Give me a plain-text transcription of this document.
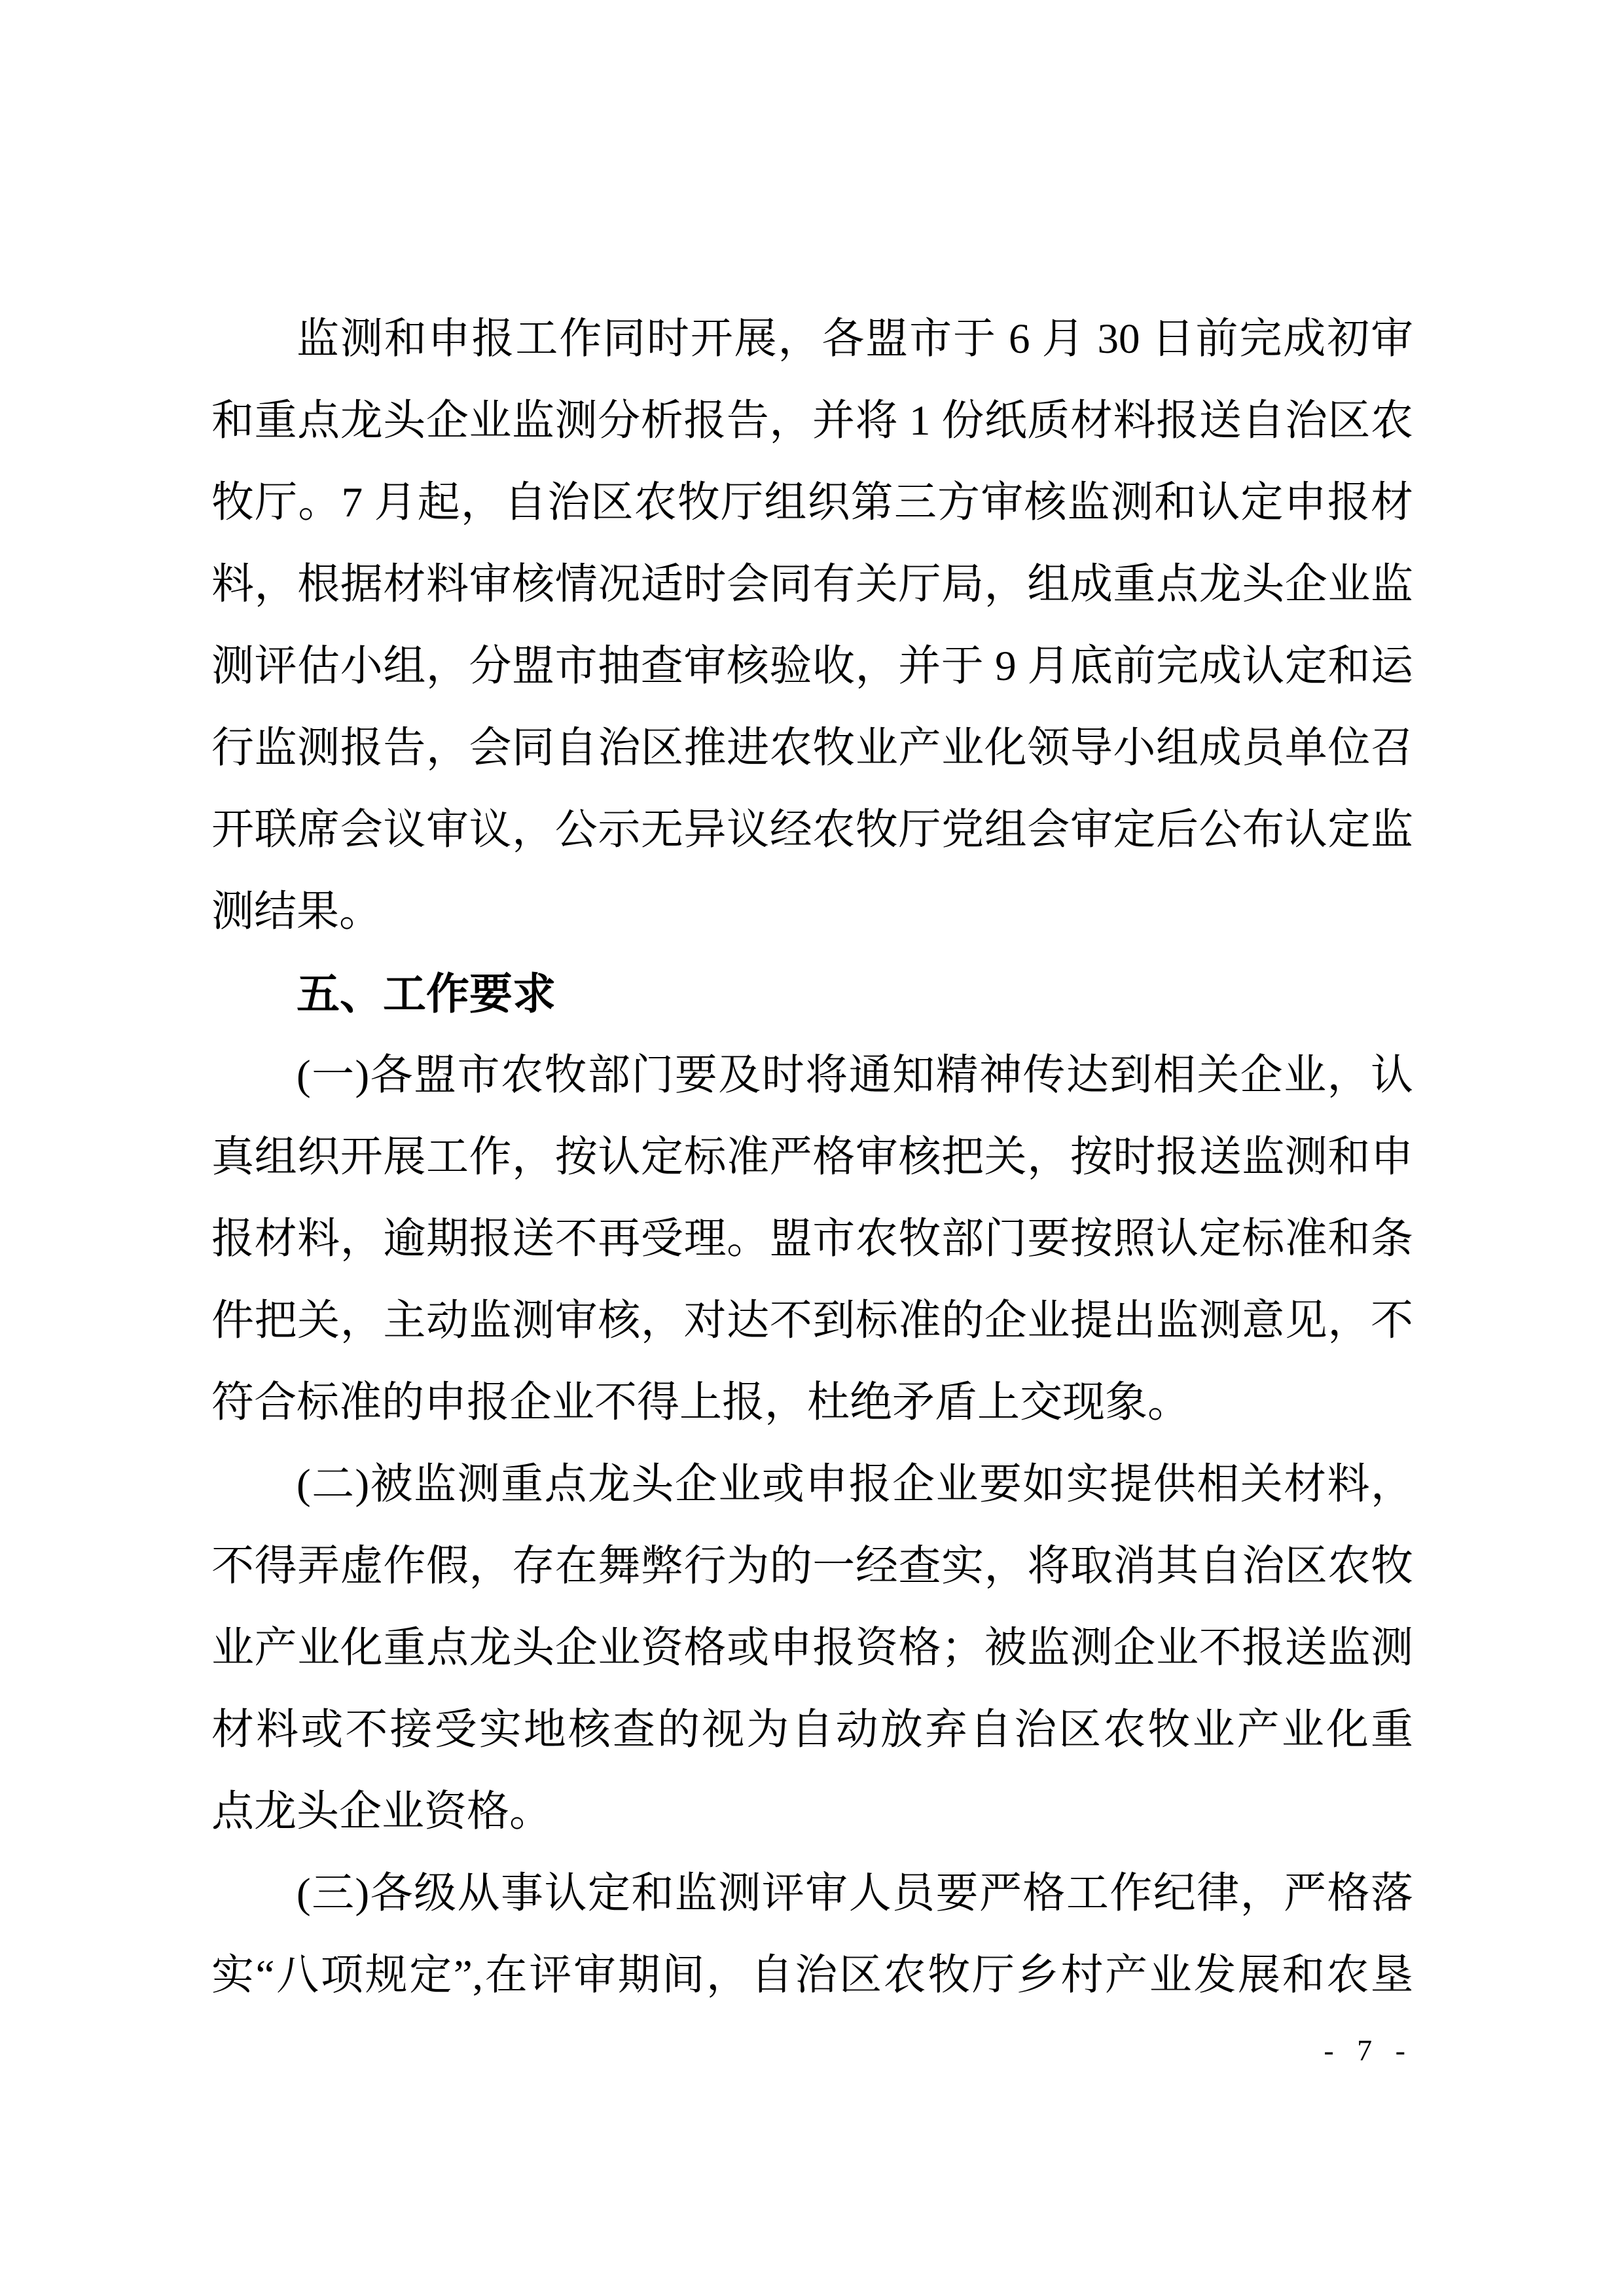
监测和申报工作同时开展，各盟市于 6 月 30 日前完成初审
和重点龙头企业监测分析报告，并将 1 份纸质材料报送自治区农
牧厅。7 月起，自治区农牧厅组织第三方审核监测和认定申报材
料，根据材料审核情况适时会同有关厅局，组成重点龙头企业监
测评估小组，分盟市抽查审核验收，并于 9 月底前完成认定和运
行监测报告，会同自治区推进农牧业产业化领导小组成员单位召
开联席会议审议，公示无异议经农牧厅党组会审定后公布认定监
测结果。
五、工作要求
(一)各盟市农牧部门要及时将通知精神传达到相关企业，认
真组织开展工作，按认定标准严格审核把关，按时报送监测和申
报材料，逾期报送不再受理。盟市农牧部门要按照认定标准和条
件把关，主动监测审核，对达不到标准的企业提出监测意见，不
符合标准的申报企业不得上报，杜绝矛盾上交现象。
(二)被监测重点龙头企业或申报企业要如实提供相关材料，
不得弄虚作假，存在舞弊行为的一经查实，将取消其自治区农牧
业产业化重点龙头企业资格或申报资格；被监测企业不报送监测
材料或不接受实地核查的视为自动放弃自治区农牧业产业化重
点龙头企业资格。
(三)各级从事认定和监测评审人员要严格工作纪律，严格落
实“八项规定”,在评审期间，自治区农牧厅乡村产业发展和农垦
- 7 -
